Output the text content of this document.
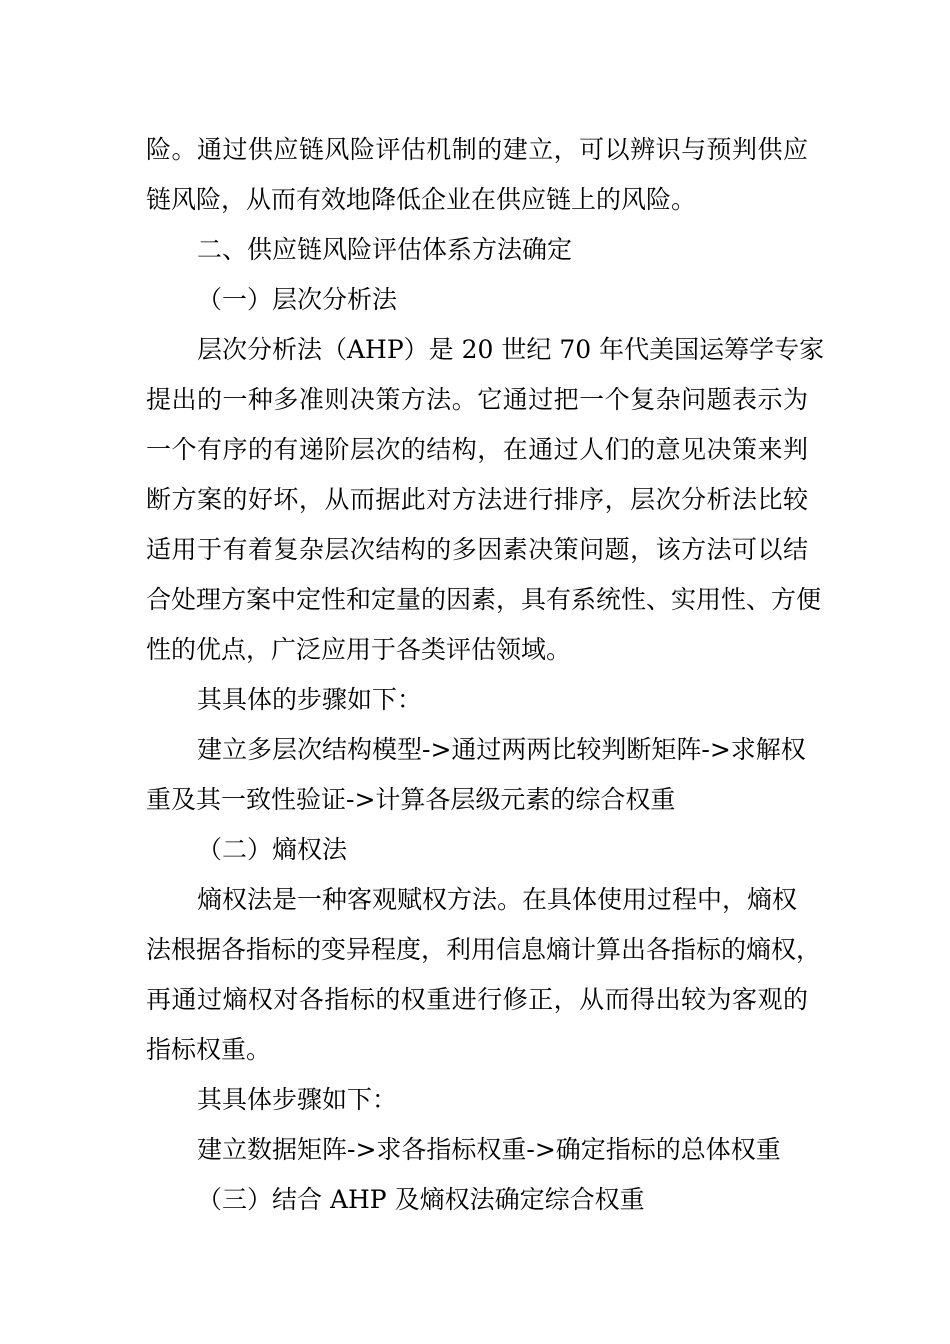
险。通过供应链风险评估机制的建立，可以辨识与预判供应
链风险，从而有效地降低企业在供应链上的风险。
二、供应链风险评估体系方法确定
（一）层次分析法
层次分析法（AHP）是 20 世纪 70 年代美国运筹学专家
提出的一种多准则决策方法。它通过把一个复杂问题表示为
一个有序的有递阶层次的结构，在通过人们的意见决策来判
断方案的好坏，从而据此对方法进行排序，层次分析法比较
适用于有着复杂层次结构的多因素决策问题，该方法可以结
合处理方案中定性和定量的因素，具有系统性、实用性、方便
性的优点，广泛应用于各类评估领域。
其具体的步骤如下：
建立多层次结构模型->通过两两比较判断矩阵->求解权
重及其一致性验证->计算各层级元素的综合权重
（二）熵权法
熵权法是一种客观赋权方法。在具体使用过程中，熵权
法根据各指标的变异程度，利用信息熵计算出各指标的熵权，
再通过熵权对各指标的权重进行修正，从而得出较为客观的
指标权重。
其具体步骤如下：
建立数据矩阵->求各指标权重->确定指标的总体权重
（三）结合 AHP 及熵权法确定综合权重
